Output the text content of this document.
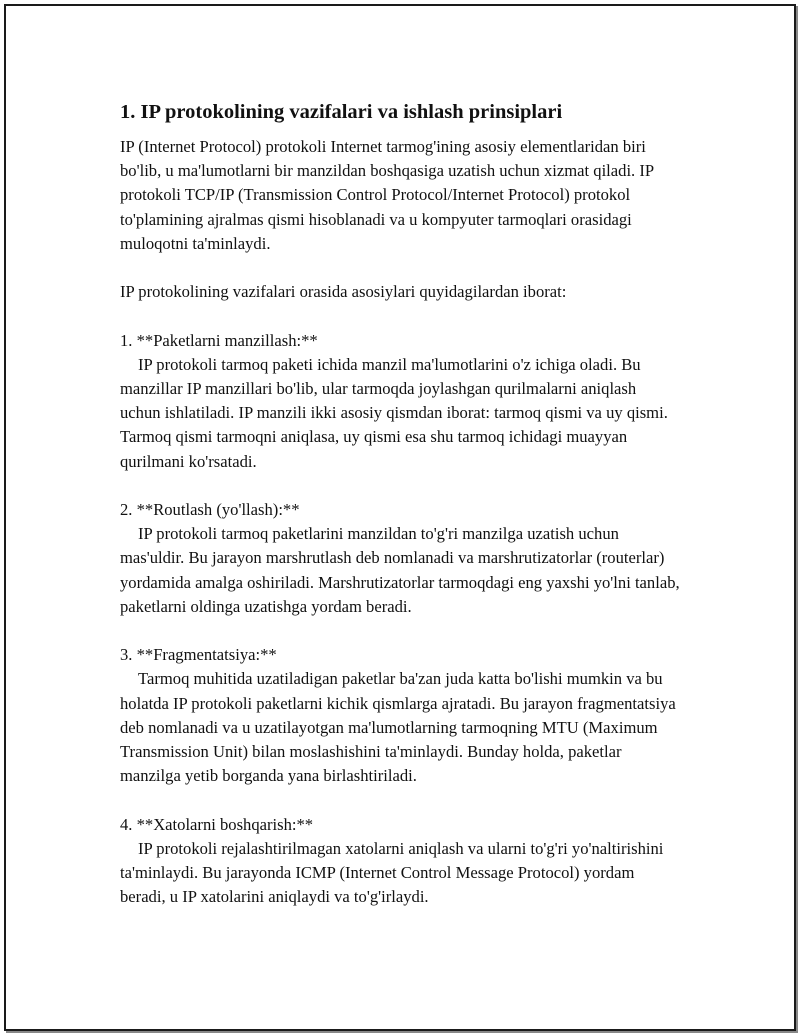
1. IP protokolining vazifalari va ishlash prinsiplari

IP (Internet Protocol) protokoli Internet tarmog'ining asosiy elementlaridan biri bo'lib, u ma'lumotlarni bir manzildan boshqasiga uzatish uchun xizmat qiladi. IP protokoli TCP/IP (Transmission Control Protocol/Internet Protocol) protokol to'plamining ajralmas qismi hisoblanadi va u kompyuter tarmoqlari orasidagi muloqotni ta'minlaydi.

IP protokolining vazifalari orasida asosiylari quyidagilardan iborat:

1. **Paketlarni manzillash:**

IP protokoli tarmoq paketi ichida manzil ma'lumotlarini o'z ichiga oladi. Bu manzillar IP manzillari bo'lib, ular tarmoqda joylashgan qurilmalarni aniqlash uchun ishlatiladi. IP manzili ikki asosiy qismdan iborat: tarmoq qismi va uy qismi. Tarmoq qismi tarmoqni aniqlasa, uy qismi esa shu tarmoq ichidagi muayyan qurilmani ko'rsatadi.

2. **Routlash (yo'llash):**

IP protokoli tarmoq paketlarini manzildan to'g'ri manzilga uzatish uchun mas'uldir. Bu jarayon marshrutlash deb nomlanadi va marshrutizatorlar (routerlar) yordamida amalga oshiriladi. Marshrutizatorlar tarmoqdagi eng yaxshi yo'lni tanlab, paketlarni oldinga uzatishga yordam beradi.

3. **Fragmentatsiya:**

Tarmoq muhitida uzatiladigan paketlar ba'zan juda katta bo'lishi mumkin va bu holatda IP protokoli paketlarni kichik qismlarga ajratadi. Bu jarayon fragmentatsiya deb nomlanadi va u uzatilayotgan ma'lumotlarning tarmoqning MTU (Maximum Transmission Unit) bilan moslashishini ta'minlaydi. Bunday holda, paketlar manzilga yetib borganda yana birlashtiriladi.

4. **Xatolarni boshqarish:**

IP protokoli rejalashtirilmagan xatolarni aniqlash va ularni to'g'ri yo'naltirishini ta'minlaydi. Bu jarayonda ICMP (Internet Control Message Protocol) yordam beradi, u IP xatolarini aniqlaydi va to'g'irlaydi.
